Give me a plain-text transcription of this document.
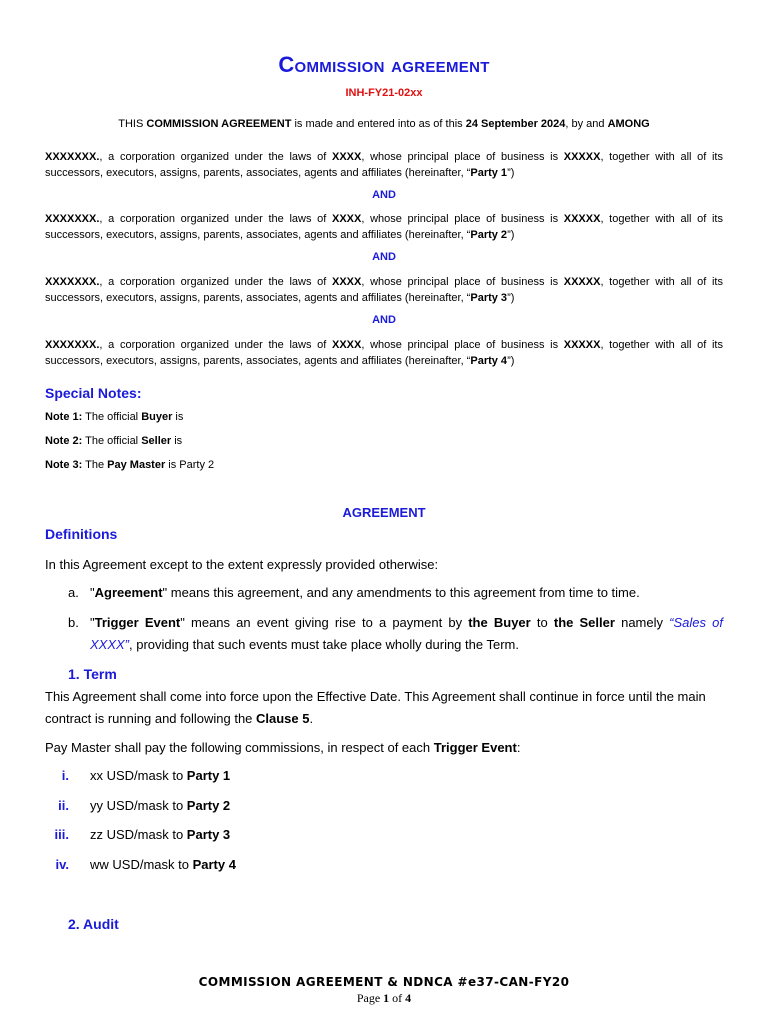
Commission agreement
INH-FY21-02xx
THIS COMMISSION AGREEMENT is made and entered into as of this 24 September 2024, by and AMONG
XXXXXXX., a corporation organized under the laws of XXXX, whose principal place of business is XXXXX, together with all of its successors, executors, assigns, parents, associates, agents and affiliates (hereinafter, “Party 1”)
AND
XXXXXXX., a corporation organized under the laws of XXXX, whose principal place of business is XXXXX, together with all of its successors, executors, assigns, parents, associates, agents and affiliates (hereinafter, “Party 2”)
AND
XXXXXXX., a corporation organized under the laws of XXXX, whose principal place of business is XXXXX, together with all of its successors, executors, assigns, parents, associates, agents and affiliates (hereinafter, “Party 3”)
AND
XXXXXXX., a corporation organized under the laws of XXXX, whose principal place of business is XXXXX, together with all of its successors, executors, assigns, parents, associates, agents and affiliates (hereinafter, “Party 4”)
Special Notes:
Note 1: The official Buyer is
Note 2: The official Seller is
Note 3: The Pay Master is Party 2
AGREEMENT
Definitions
In this Agreement except to the extent expressly provided otherwise:
a. "Agreement" means this agreement, and any amendments to this agreement from time to time.
b. "Trigger Event" means an event giving rise to a payment by the Buyer to the Seller namely “Sales of XXXX”, providing that such events must take place wholly during the Term.
1. Term
This Agreement shall come into force upon the Effective Date. This Agreement shall continue in force until the main contract is running and following the Clause 5.
Pay Master shall pay the following commissions, in respect of each Trigger Event:
i. xx USD/mask to Party 1
ii. yy USD/mask to Party 2
iii. zz USD/mask to Party 3
iv. ww USD/mask to Party 4
2. Audit
COMMISSION AGREEMENT & NDNCA #e37-CAN-FY20
Page 1 of 4
